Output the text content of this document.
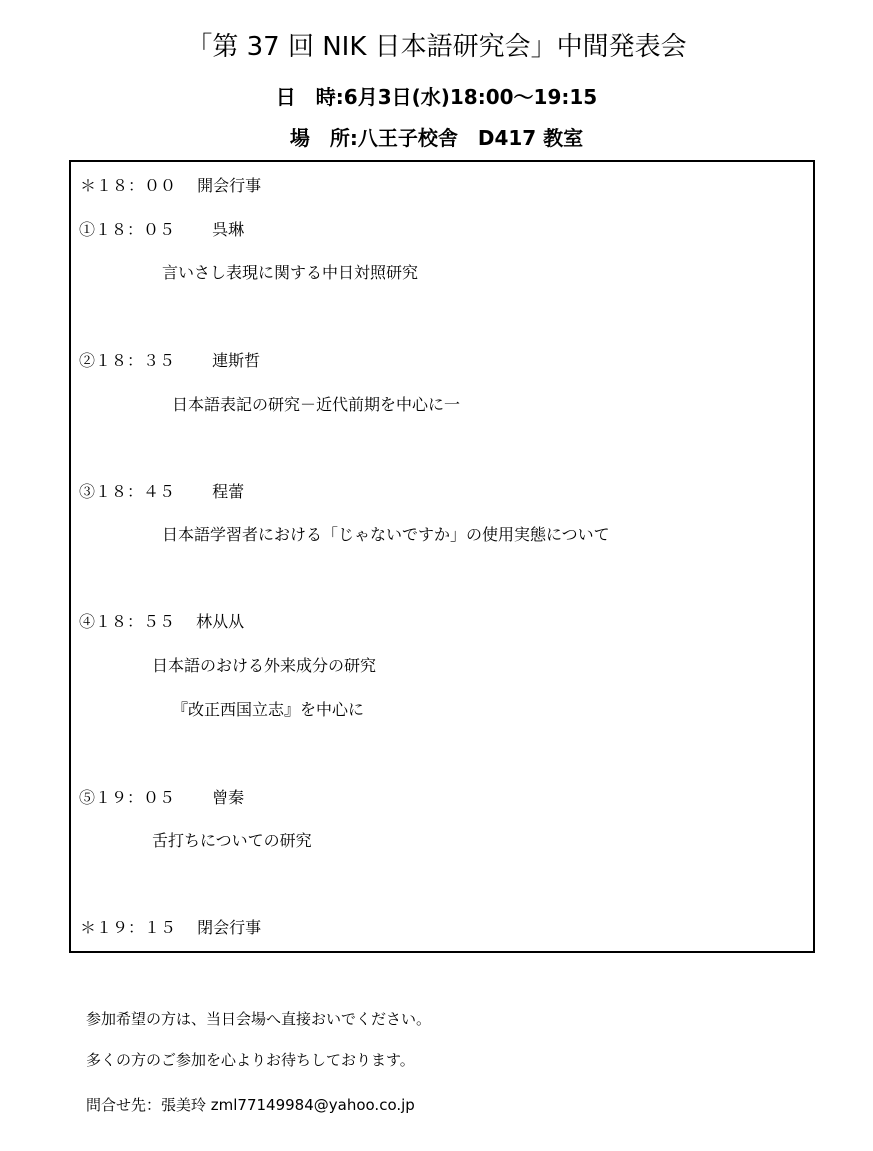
「第 37 回 NIK 日本語研究会」中間発表会
日　時:6月3日(水)18:00〜19:15
場　所:八王子校舎　D417 教室
＊１８：００　 開会行事
①１８：０５　　 呉琳
言いさし表現に関する中日対照研究
②１８：３５　　 連斯哲
日本語表記の研究－近代前期を中心に一
③１８：４５　　 程蕾
日本語学習者における「じゃないですか」の使用実態について
④１８：５５　 林从从
日本語のおける外来成分の研究
『改正西国立志』を中心に
⑤１９：０５　　 曾秦
舌打ちについての研究
＊１９：１５　 閉会行事
参加希望の方は、当日会場へ直接おいでください。
多くの方のご参加を心よりお待ちしております。
問合せ先：張美玲 zml77149984@yahoo.co.jp
